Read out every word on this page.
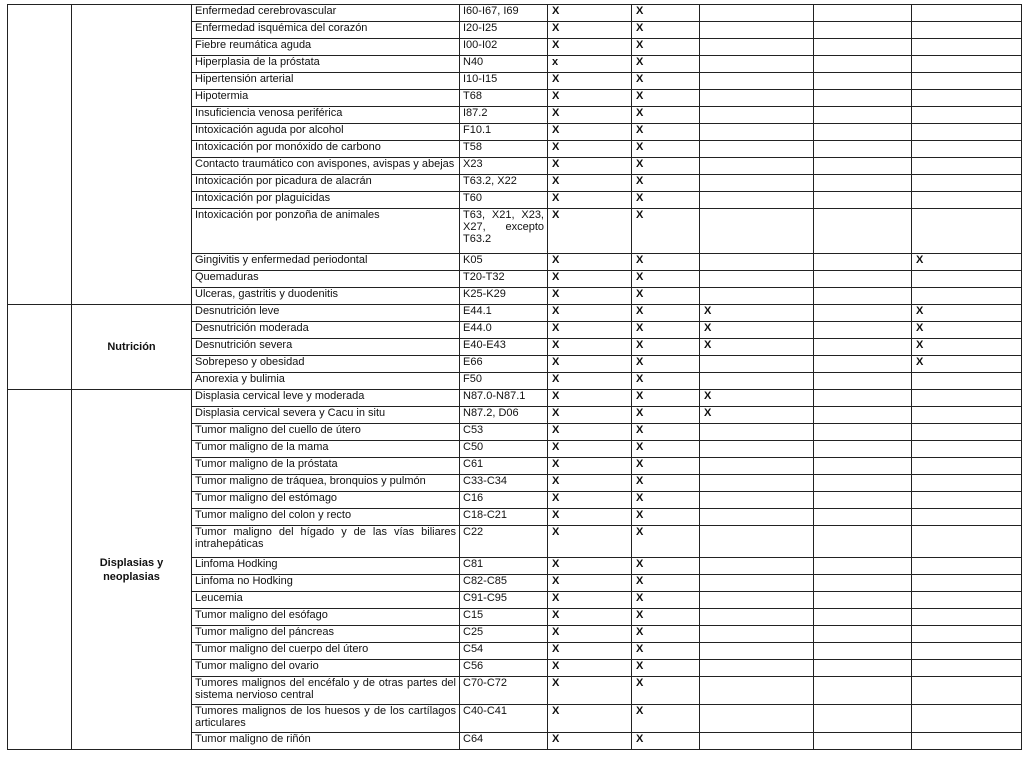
		Enfermedad cerebrovascular	I60-I67, I69	X	X			
		Enfermedad isquémica del corazón	I20-I25	X	X			
		Fiebre reumática aguda	I00-I02	X	X			
		Hiperplasia de la próstata	N40	x	X			
		Hipertensión arterial	I10-I15	X	X			
		Hipotermia	T68	X	X			
		Insuficiencia venosa periférica	I87.2	X	X			
		Intoxicación aguda por alcohol	F10.1	X	X			
		Intoxicación por monóxido de carbono	T58	X	X			
		Contacto traumático con avispones, avispas y abejas	X23	X	X			
		Intoxicación por picadura de alacrán	T63.2, X22	X	X			
		Intoxicación por plaguicidas	T60	X	X			
		Intoxicación por ponzoña de animales	T63, X21, X23, X27, excepto T63.2	X	X			
		Gingivitis y enfermedad periodontal	K05	X	X			X
		Quemaduras	T20-T32	X	X			
		Ulceras, gastritis y duodenitis	K25-K29	X	X			
	Nutrición	Desnutrición leve	E44.1	X	X	X		X
		Desnutrición moderada	E44.0	X	X	X		X
		Desnutrición severa	E40-E43	X	X	X		X
		Sobrepeso y obesidad	E66	X	X			X
		Anorexia y bulimia	F50	X	X			
	Displasias y neoplasias	Displasia cervical leve y moderada	N87.0-N87.1	X	X	X		
		Displasia cervical severa y Cacu in situ	N87.2, D06	X	X	X		
		Tumor maligno del cuello de útero	C53	X	X			
		Tumor maligno de la mama	C50	X	X			
		Tumor maligno de la próstata	C61	X	X			
		Tumor maligno de tráquea, bronquios y pulmón	C33-C34	X	X			
		Tumor maligno del estómago	C16	X	X			
		Tumor maligno del colon y recto	C18-C21	X	X			
		Tumor maligno del hígado y de las vías biliares intrahepáticas	C22	X	X			
		Linfoma Hodking	C81	X	X			
		Linfoma no Hodking	C82-C85	X	X			
		Leucemia	C91-C95	X	X			
		Tumor maligno del esófago	C15	X	X			
		Tumor maligno del páncreas	C25	X	X			
		Tumor maligno del cuerpo del útero	C54	X	X			
		Tumor maligno del ovario	C56	X	X			
		Tumores malignos del encéfalo y de otras partes del sistema nervioso central	C70-C72	X	X			
		Tumores malignos de los huesos y de los cartílagos articulares	C40-C41	X	X			
		Tumor maligno de riñón	C64	X	X			
